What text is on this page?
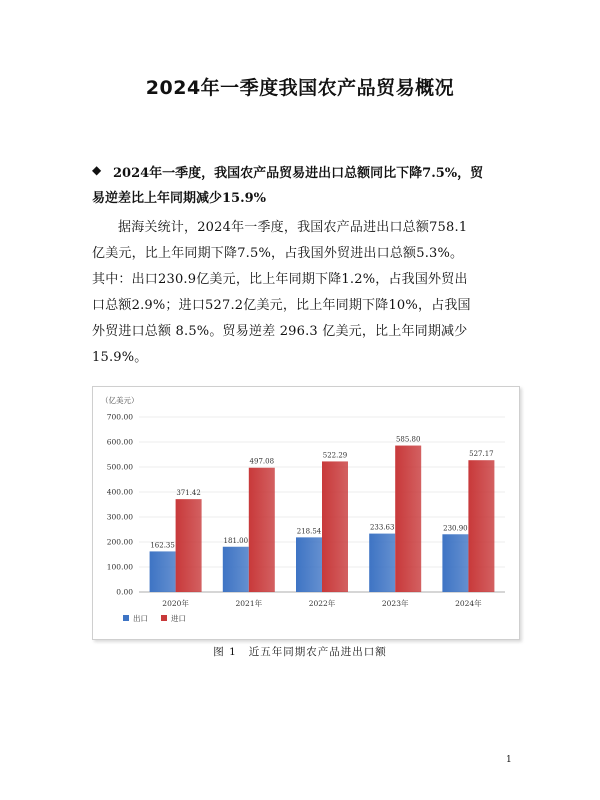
2024年一季度我国农产品贸易概况
◆ 2024年一季度，我国农产品贸易进出口总额同比下降7.5%，贸
易逆差比上年同期减少15.9%
据海关统计，2024年一季度，我国农产品进出口总额758.1
亿美元，比上年同期下降7.5%，占我国外贸进出口总额5.3%。
其中：出口230.9亿美元，比上年同期下降1.2%，占我国外贸出
口总额2.9%；进口527.2亿美元，比上年同期下降10%，占我国
外贸进口总额 8.5%。贸易逆差 296.3 亿美元，比上年同期减少
15.9%。
（亿美元）
0.00
100.00
200.00
300.00
400.00
500.00
600.00
700.00
2020年
162.35
371.42
2021年
181.00
497.08
2022年
218.54
522.29
2023年
233.63
585.80
2024年
230.90
527.17
出口	进口
图 1 近五年同期农产品进出口额
1
